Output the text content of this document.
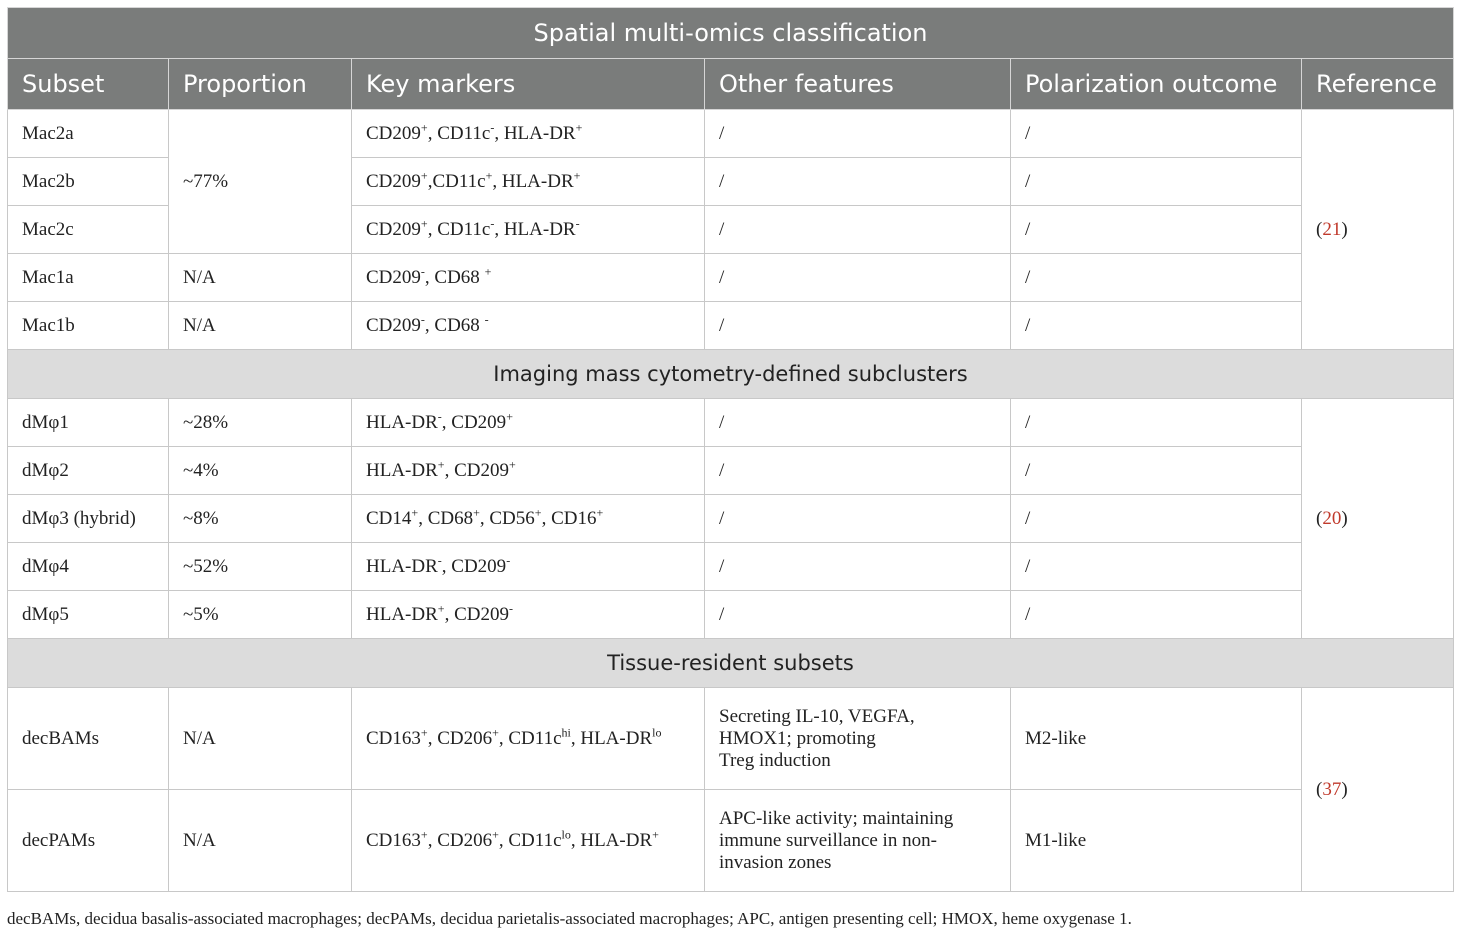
Spatial multi-omics classification					
Subset	Proportion	Key markers	Other features	Polarization outcome	Reference
Mac2a	~77%	CD209+, CD11c-, HLA-DR+	/	/	(21)
Mac2b		CD209+,CD11c+, HLA-DR+	/	/	
Mac2c		CD209+, CD11c-, HLA-DR-	/	/	
Mac1a	N/A	CD209-, CD68 +	/	/	
Mac1b	N/A	CD209-, CD68 -	/	/	
Imaging mass cytometry-defined subclusters					
dMφ1	~28%	HLA-DR-, CD209+	/	/	(20)
dMφ2	~4%	HLA-DR+, CD209+	/	/	
dMφ3 (hybrid)	~8%	CD14+, CD68+, CD56+, CD16+	/	/	
dMφ4	~52%	HLA-DR-, CD209-	/	/	
dMφ5	~5%	HLA-DR+, CD209-	/	/	
Tissue-resident subsets					
decBAMs	N/A	CD163+, CD206+, $CD11c^{hi}$, HLA-$DR^{lo}$	Secreting IL-10, VEGFA,
HMOX1; promoting
Treg induction	M2-like	(37)
decPAMs	N/A	CD163+, CD206+, $CD11c^{lo}$, HLA-DR+	APC-like activity; maintaining
immune surveillance in non-
invasion zones	M1-like	
decBAMs, decidua basalis-associated macrophages; decPAMs, decidua parietalis-associated macrophages; APC, antigen presenting cell; HMOX, heme oxygenase 1.
